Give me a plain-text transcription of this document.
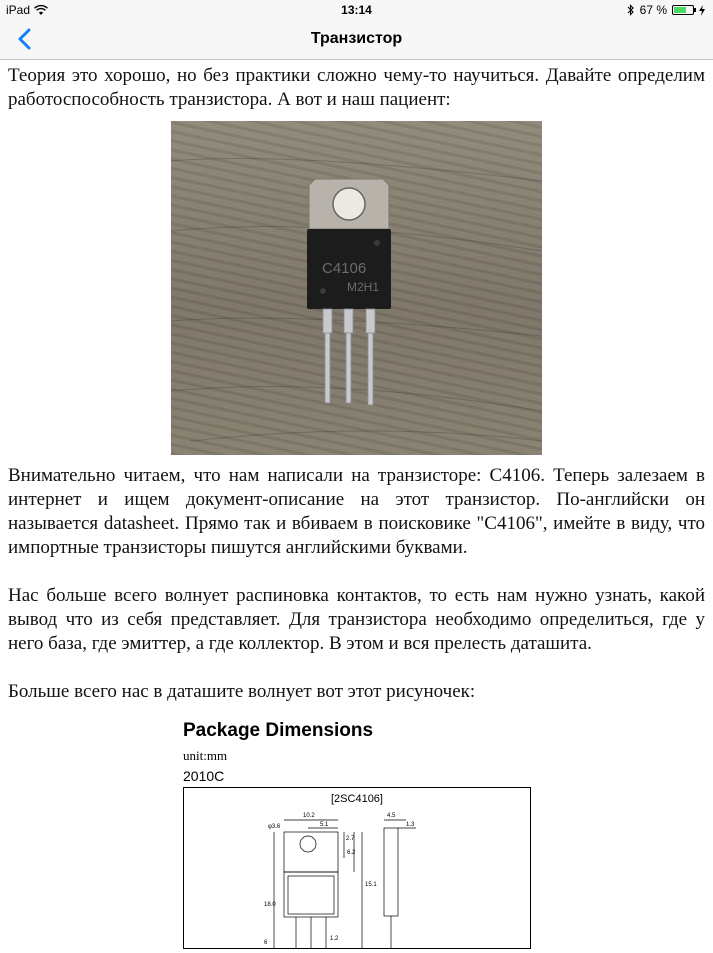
iPad	13:14	67 %
Транзистор

Теория это хорошо, но без практики сложно чему-то научиться. Давайте определим работоспособность транзистора. А вот и наш пациент:

C4106
M2H1

Внимательно читаем, что нам написали на транзисторе: C4106. Теперь залезаем в интернет и ищем документ-описание на этот транзистор. По-английски он называется datasheet. Прямо так и вбиваем в поисковике "C4106", имейте в виду, что импортные транзисторы пишутся английскими буквами.

Нас больше всего волнует распиновка контактов, то есть нам нужно узнать, какой вывод что из себя представляет. Для транзистора необходимо определиться, где у него база, где эмиттер, а где коллектор. В этом и вся прелесть даташита.

Больше всего нас в даташите волнует вот этот рисуночек:

Package Dimensions
unit:mm
2010C
[2SC4106]
10.2
5.1
φ3.6
2.7
6.2
15.1
18.0
1.2
4.5
1.3
6
